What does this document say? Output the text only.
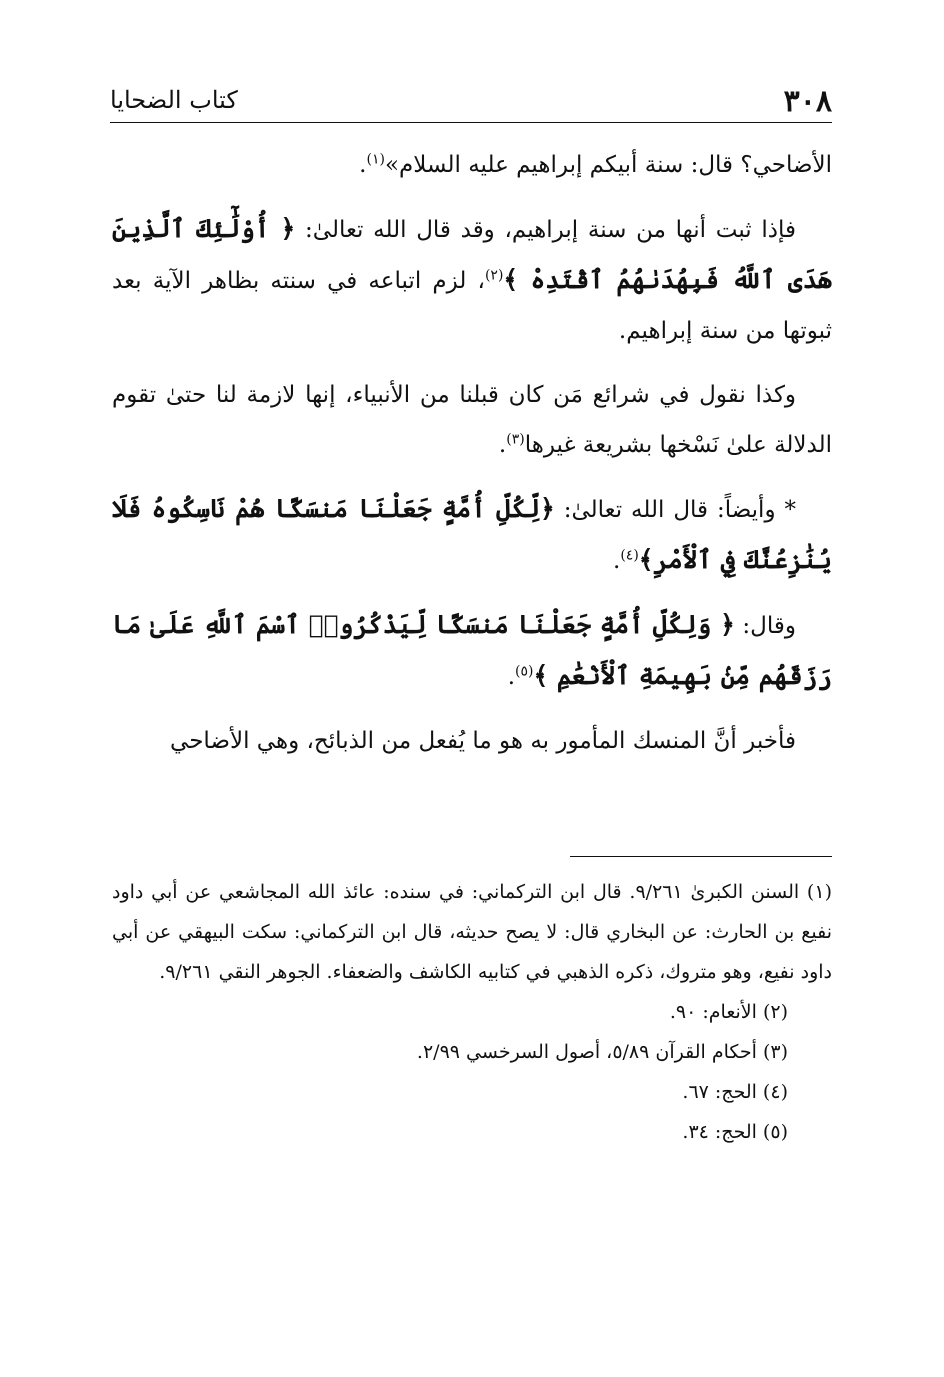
٣٠٨
كتاب الضحايا

الأضاحي؟ قال: سنة أبيكم إبراهيم عليه السلام»$^{(١)}$.

فإذا ثبت أنها من سنة إبراهيم، وقد قال الله تعالىٰ: ﴿ أُوْلَٰٓئِكَ ٱلَّذِينَ هَدَى ٱللَّهُ فَبِهُدَىٰهُمُ ٱقْتَدِهْ ﴾$^{(٢)}$، لزم اتباعه في سنته بظاهر الآية بعد ثبوتها من سنة إبراهيم.

وكذا نقول في شرائع مَن كان قبلنا من الأنبياء، إنها لازمة لنا حتىٰ تقوم الدلالة علىٰ نَسْخها بشريعة غيرها$^{(٣)}$.

* وأيضاً: قال الله تعالىٰ: ﴿لِّكُلِّ أُمَّةٍ جَعَلْنَا مَنسَكًا هُمْ نَاسِكُوهُ فَلَا يُنَٰزِعُنَّكَ فِي ٱلْأَمْرِ﴾$^{(٤)}$.

وقال: ﴿ وَلِكُلِّ أُمَّةٍ جَعَلْنَا مَنسَكًا لِّيَذْكُرُوا۟ ٱسْمَ ٱللَّهِ عَلَىٰ مَا رَزَقَهُم مِّنۢ بَهِيمَةِ ٱلْأَنْعَٰمِ ﴾$^{(٥)}$.

فأخبر أنَّ المنسك المأمور به هو ما يُفعل من الذبائح، وهي الأضاحي

(١) السنن الكبرىٰ ٩/٢٦١. قال ابن التركماني: في سنده: عائذ الله المجاشعي عن أبي داود نفيع بن الحارث: عن البخاري قال: لا يصح حديثه، قال ابن التركماني: سكت البيهقي عن أبي داود نفيع، وهو متروك، ذكره الذهبي في كتابيه الكاشف والضعفاء. الجوهر النقي ٩/٢٦١.

(٢) الأنعام: ٩٠.

(٣) أحكام القرآن ٥/٨٩، أصول السرخسي ٢/٩٩.

(٤) الحج: ٦٧.

(٥) الحج: ٣٤.
